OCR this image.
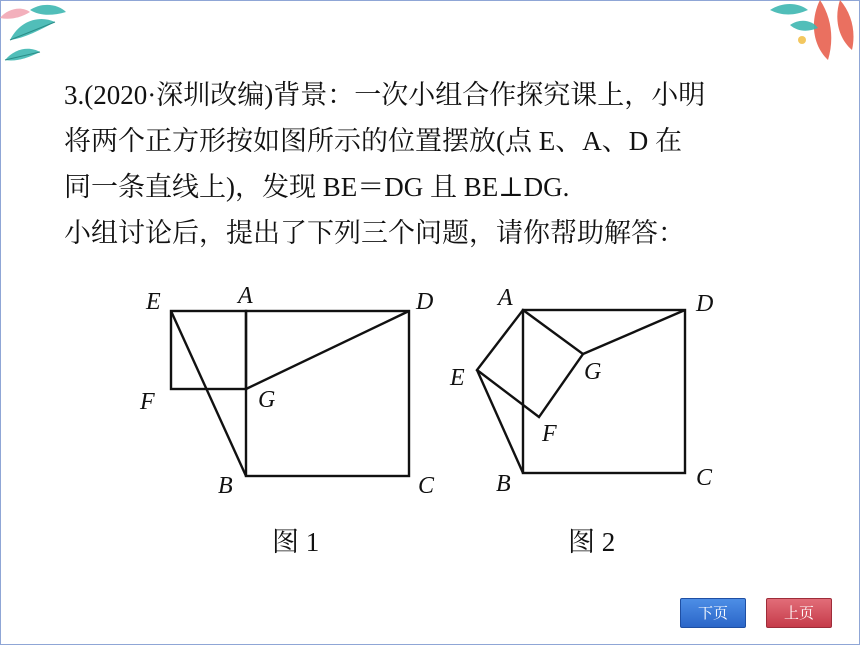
3.(2020·深圳改编)背景：一次小组合作探究课上，小明

将两个正方形按如图所示的位置摆放(点 E、A、D 在

同一条直线上)，发现 BE＝DG 且 BE⊥DG.

小组讨论后，提出了下列三个问题，请你帮助解答：

E	A	D
F	G
B	C
A	D
E	G
F
B	C
图 1	图 2
下页	上页
